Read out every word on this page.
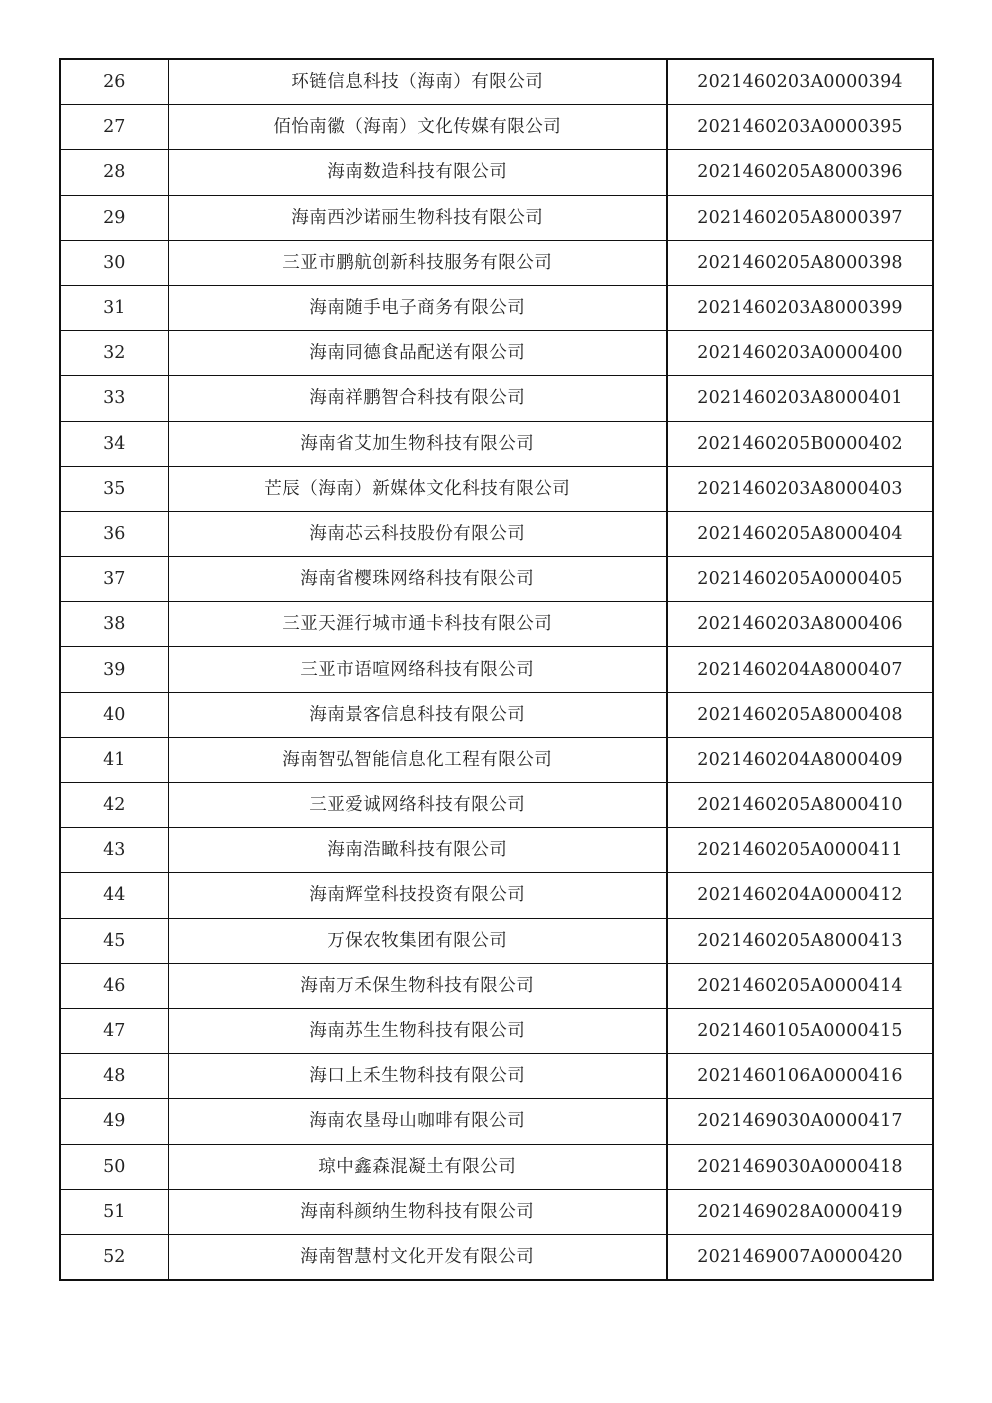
26	环链信息科技（海南）有限公司	2021460203A0000394
27	佰怡南徽（海南）文化传媒有限公司	2021460203A0000395
28	海南数造科技有限公司	2021460205A8000396
29	海南西沙诺丽生物科技有限公司	2021460205A8000397
30	三亚市鹏航创新科技服务有限公司	2021460205A8000398
31	海南随手电子商务有限公司	2021460203A8000399
32	海南同德食品配送有限公司	2021460203A0000400
33	海南祥鹏智合科技有限公司	2021460203A8000401
34	海南省艾加生物科技有限公司	2021460205B0000402
35	芒辰（海南）新媒体文化科技有限公司	2021460203A8000403
36	海南芯云科技股份有限公司	2021460205A8000404
37	海南省樱珠网络科技有限公司	2021460205A0000405
38	三亚天涯行城市通卡科技有限公司	2021460203A8000406
39	三亚市语喧网络科技有限公司	2021460204A8000407
40	海南景客信息科技有限公司	2021460205A8000408
41	海南智弘智能信息化工程有限公司	2021460204A8000409
42	三亚爱诚网络科技有限公司	2021460205A8000410
43	海南浩瞰科技有限公司	2021460205A0000411
44	海南辉堂科技投资有限公司	2021460204A0000412
45	万保农牧集团有限公司	2021460205A8000413
46	海南万禾保生物科技有限公司	2021460205A0000414
47	海南苏生生物科技有限公司	2021460105A0000415
48	海口上禾生物科技有限公司	2021460106A0000416
49	海南农垦母山咖啡有限公司	2021469030A0000417
50	琼中鑫森混凝土有限公司	2021469030A0000418
51	海南科颜纳生物科技有限公司	2021469028A0000419
52	海南智慧村文化开发有限公司	2021469007A0000420
